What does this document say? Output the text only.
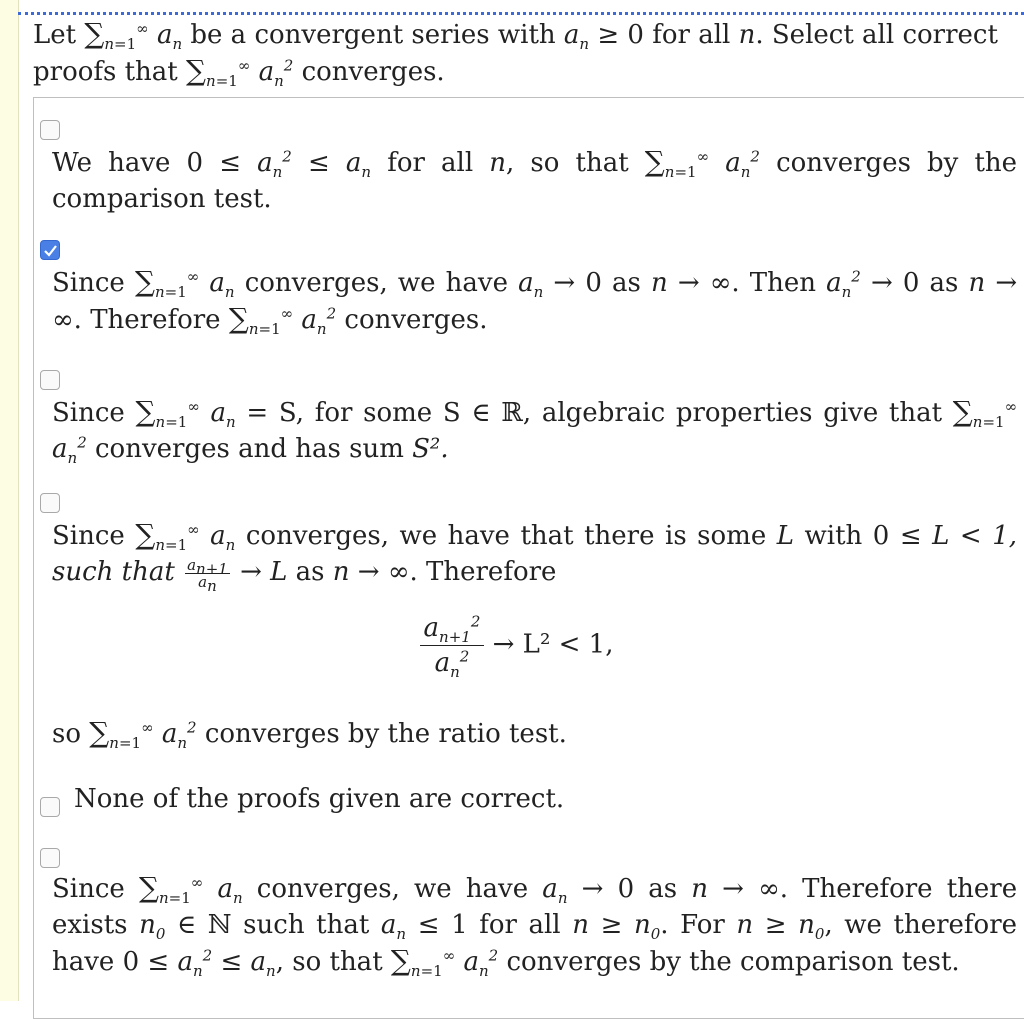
Let $\sum_{n=1}^\infty$ $a_n$ be a convergent series with $a_n \ge 0$ for all n. Select all correct proofs that $\sum_{n=1}^\infty$ $a_n^2$ converges.
We have $0 \le a_n^2 \le a_n$ for all n, so that $\sum_{n=1}^\infty$ $a_n^2$ converges by the comparison test.
Since $\sum_{n=1}^\infty$ $a_n$ converges, we have $a_n \to 0$ as n → ∞. Then $a_n^2 \to 0$ as n → ∞. Therefore $\sum_{n=1}^\infty$ $a_n^2$ converges.
Since $\sum_{n=1}^\infty$ $a_n = S$, for some S ∈ ℝ, algebraic properties give that $\sum_{n=1}^\infty$ $a_n^2$ converges and has sum S².
Since $\sum_{n=1}^\infty$ $a_n$ converges, we have that there is some L with 0 ≤ L < 1, such that $\frac{a_{n+1}}{a_n} \to L$ as n → ∞. Therefore
$\frac{a_{n+1}^2}{a_n^2} \to L^2 < 1$,
so $\sum_{n=1}^\infty$ $a_n^2$ converges by the ratio test.
None of the proofs given are correct.
Since $\sum_{n=1}^\infty$ $a_n$ converges, we have $a_n \to 0$ as n → ∞. Therefore there exists $n_0$ ∈ ℕ such that $a_n \le 1$ for all $n \ge n_0$. For $n \ge n_0$, we therefore have $0 \le a_n^2 \le a_n$, so that $\sum_{n=1}^\infty$ $a_n^2$ converges by the comparison test.
